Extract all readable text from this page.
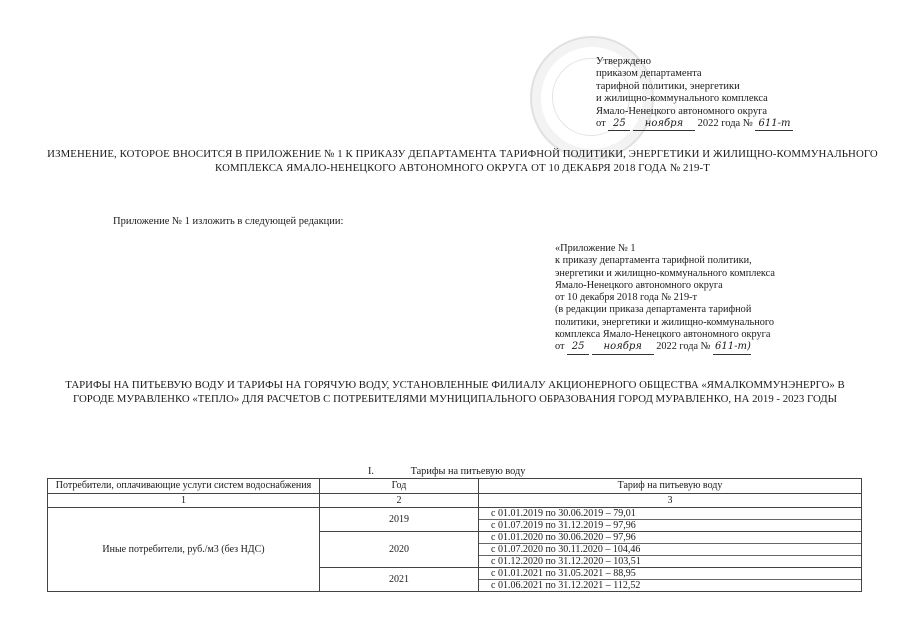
Утверждено
приказом департамента
тарифной политики, энергетики
и жилищно-коммунального комплекса
Ямало-Ненецкого автономного округа
от 25 ноября 2022 года № 611-т
ИЗМЕНЕНИЕ, КОТОРОЕ ВНОСИТСЯ В ПРИЛОЖЕНИЕ № 1 К ПРИКАЗУ ДЕПАРТАМЕНТА ТАРИФНОЙ ПОЛИТИКИ, ЭНЕРГЕТИКИ И ЖИЛИЩНО-КОММУНАЛЬНОГО КОМПЛЕКСА ЯМАЛО-НЕНЕЦКОГО АВТОНОМНОГО ОКРУГА ОТ 10 ДЕКАБРЯ 2018 ГОДА № 219-Т
Приложение № 1 изложить в следующей редакции:
«Приложение № 1
к приказу департамента тарифной политики,
энергетики и жилищно-коммунального комплекса
Ямало-Ненецкого автономного округа
от 10 декабря 2018 года № 219-т
(в редакции приказа департамента тарифной
политики, энергетики и жилищно-коммунального
комплекса Ямало-Ненецкого автономного округа
от 25 ноября 2022 года № 611-т)
ТАРИФЫ НА ПИТЬЕВУЮ ВОДУ И ТАРИФЫ НА ГОРЯЧУЮ ВОДУ, УСТАНОВЛЕННЫЕ ФИЛИАЛУ АКЦИОНЕРНОГО ОБЩЕСТВА «ЯМАЛКОММУНЭНЕРГО» В ГОРОДЕ МУРАВЛЕНКО «ТЕПЛО» ДЛЯ РАСЧЕТОВ С ПОТРЕБИТЕЛЯМИ МУНИЦИПАЛЬНОГО ОБРАЗОВАНИЯ ГОРОД МУРАВЛЕНКО, НА 2019 - 2023 ГОДЫ
I.	Тарифы на питьевую воду
Потребители, оплачивающие услуги систем водоснабжения	Год	Тариф на питьевую воду
1	2	3
Иные потребители, руб./м3 (без НДС)	2019	с 01.01.2019 по 30.06.2019 – 79,01
с 01.07.2019 по 31.12.2019 – 97,96

	2020	с 01.01.2020 по 30.06.2020 – 97,96
с 01.07.2020 по 30.11.2020 – 104,46
с 01.12.2020 по 31.12.2020 – 103,51

	2021	с 01.01.2021 по 31.05.2021 – 88,95
с 01.06.2021 по 31.12.2021 – 112,52
